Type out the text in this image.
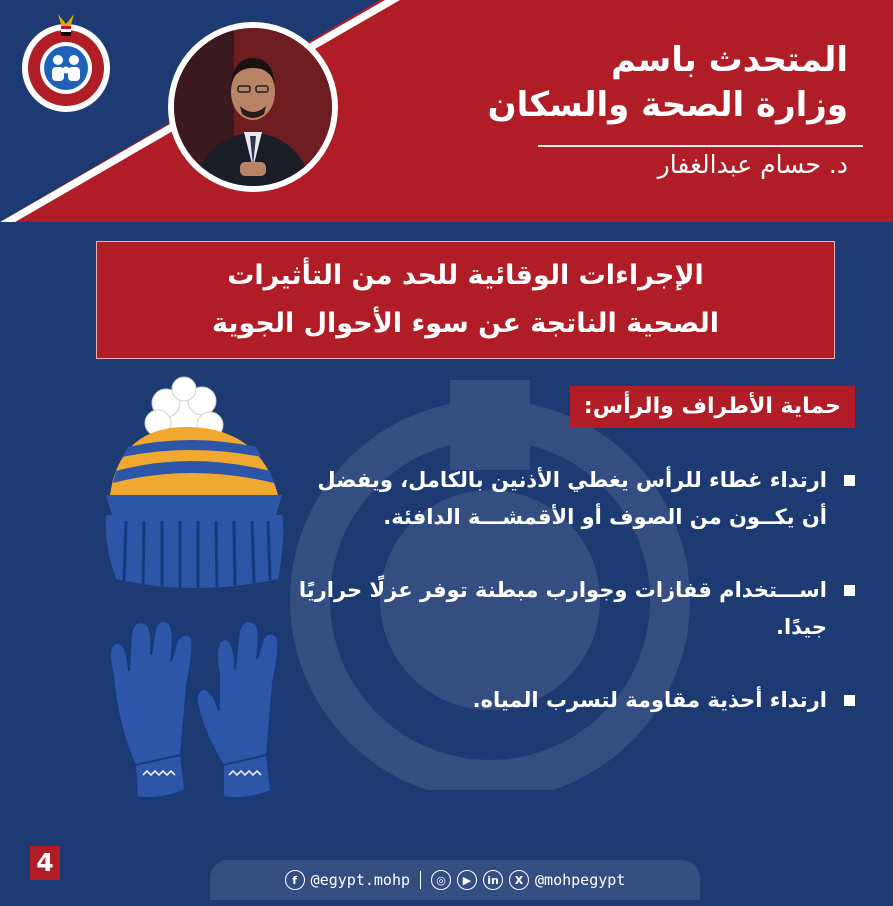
المتحدث باسم
وزارة الصحة والسكان
د. حسام عبدالغفار
الإجراءات الوقائية للحد من التأثيرات
الصحية الناتجة عن سوء الأحوال الجوية
حماية الأطراف والرأس:
ارتداء غطاء للرأس يغطي الأذنين بالكامل، ويفضل أن يكــون من الصوف أو الأقمشـــة الدافئة.
اســـتخدام قفازات وجوارب مبطنة توفر عزلًا حراريًا جيدًا.
ارتداء أحذية مقاومة لتسرب المياه.
4
f @egypt.mohp	◎	▶	in	X @mohpegypt
